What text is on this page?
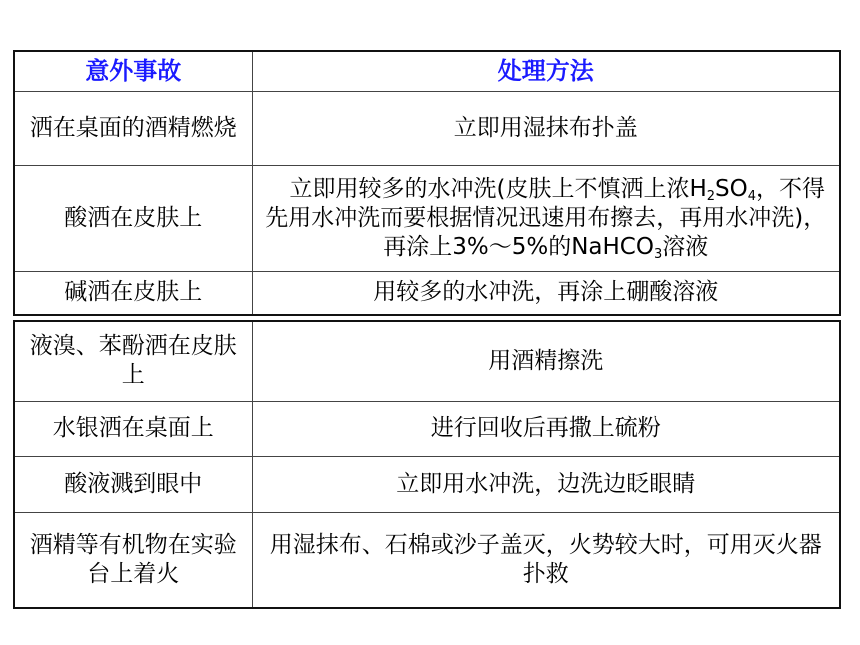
意外事故	处理方法
洒在桌面的酒精燃烧	立即用湿抹布扑盖
酸洒在皮肤上	立即用较多的水冲洗(皮肤上不慎洒上浓$H_2SO_4$，不得先用水冲洗而要根据情况迅速用布擦去，再用水冲洗)，再涂上3%～5%的NaHCO$_3$溶液
碱洒在皮肤上	用较多的水冲洗，再涂上硼酸溶液
液溴、苯酚洒在皮肤上	用酒精擦洗
水银洒在桌面上	进行回收后再撒上硫粉
酸液溅到眼中	立即用水冲洗，边洗边眨眼睛
酒精等有机物在实验台上着火	用湿抹布、石棉或沙子盖灭，火势较大时，可用灭火器扑救
